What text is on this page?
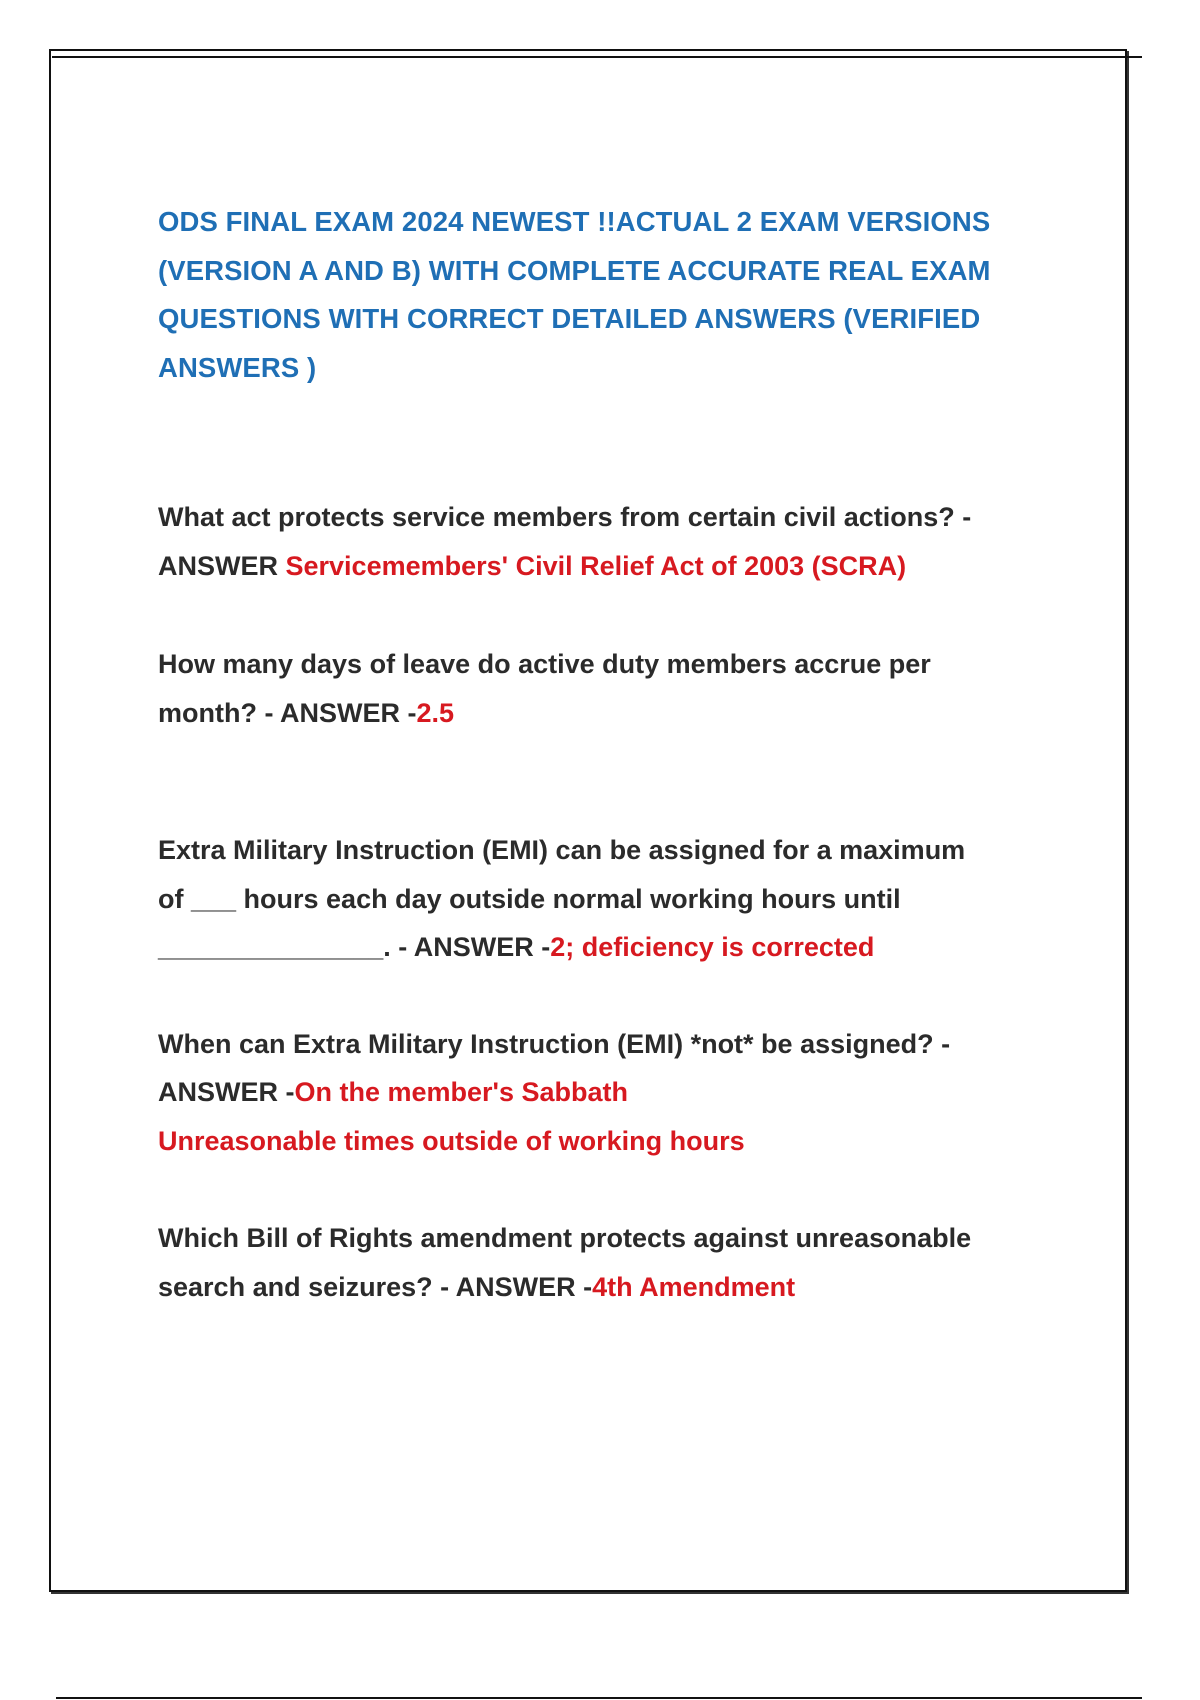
ODS FINAL EXAM 2024 NEWEST !!ACTUAL 2 EXAM VERSIONS
(VERSION A AND B) WITH COMPLETE ACCURATE REAL EXAM
QUESTIONS WITH CORRECT DETAILED ANSWERS (VERIFIED
ANSWERS )

What act protects service members from certain civil actions? -
ANSWER Servicemembers' Civil Relief Act of 2003 (SCRA)

How many days of leave do active duty members accrue per
month? - ANSWER -2.5

Extra Military Instruction (EMI) can be assigned for a maximum
of ___ hours each day outside normal working hours until
_______________. - ANSWER -2; deficiency is corrected

When can Extra Military Instruction (EMI) *not* be assigned? -
ANSWER -On the member's Sabbath
Unreasonable times outside of working hours

Which Bill of Rights amendment protects against unreasonable
search and seizures? - ANSWER -4th Amendment
